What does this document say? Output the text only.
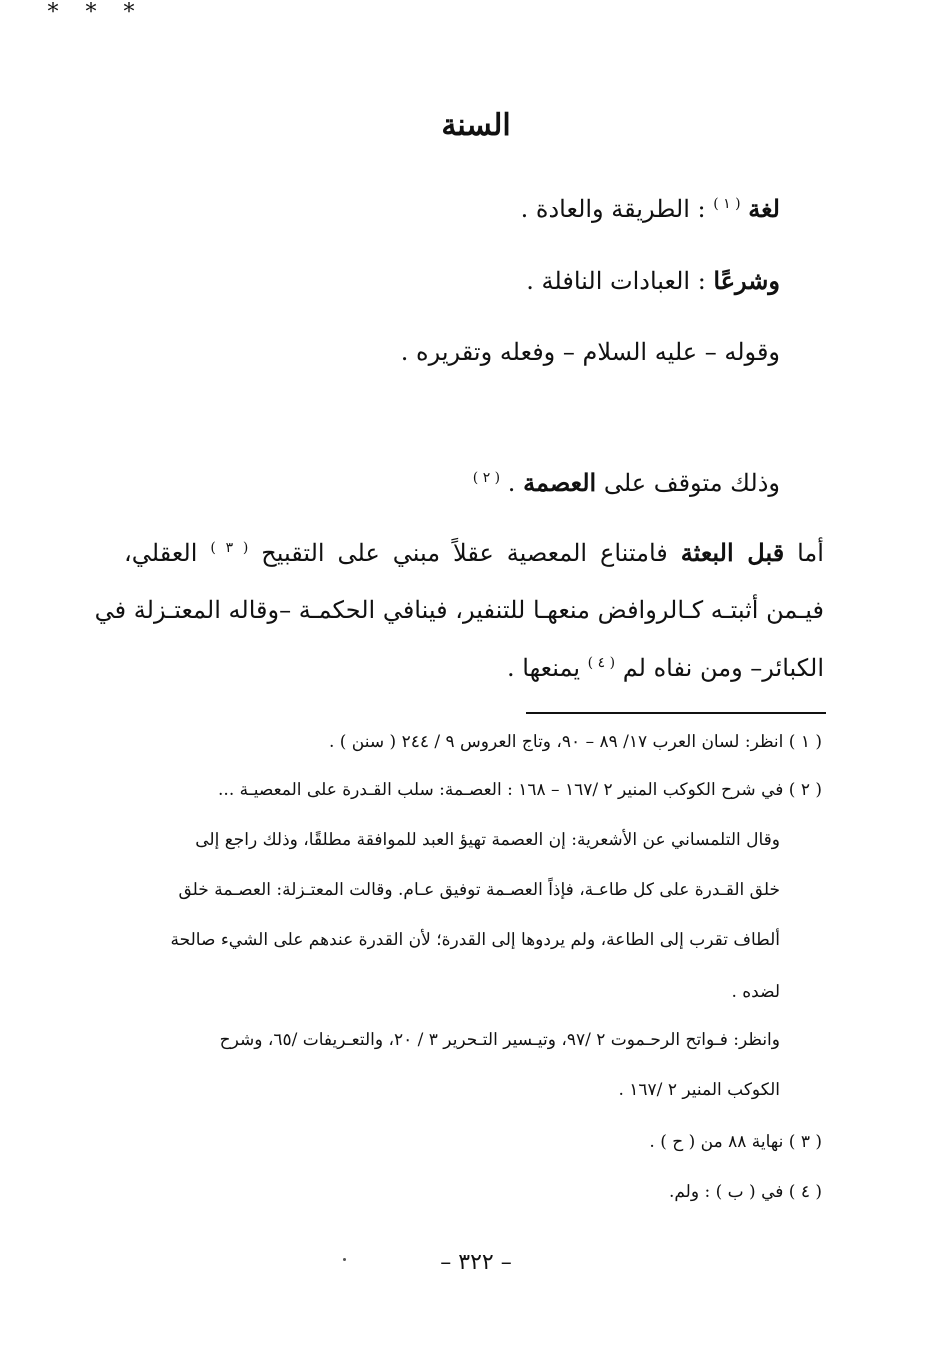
السنة
لغة $^{( ١ )}$ : الطريقة والعادة .
وشرعًا : العبادات النافلة .
وقوله – عليه السلام – وفعله وتقريره .
* * *
وذلك متوقف على العصمة . $^{( ٢ )}$
أما قبل البعثة فامتناع المعصية عقلاً مبني على التقبيح $^{( ٣ )}$ العقلي،
فيـمن أثبتـه كـالروافض منعهـا للتنفير، فينافي الحكمـة –وقاله المعتـزلة في
الكبائر– ومن نفاه لم $^{( ٤ )}$ يمنعها .
( ١ ) انظر: لسان العرب ١٧/ ٨٩ – ٩٠، وتاج العروس ٩ / ٢٤٤ ( سنن ) .
( ٢ ) في شرح الكوكب المنير ٢ /١٦٧ – ١٦٨ : العصـمة: سلب القـدرة على المعصيـة ...
وقال التلمساني عن الأشعرية: إن العصمة تهيؤ العبد للموافقة مطلقًا، وذلك راجع إلى
خلق القـدرة على كل طاعـة، فإذاً العصـمة توفيق عـام. وقالت المعتـزلة: العصـمة خلق
ألطاف تقرب إلى الطاعة، ولم يردوها إلى القدرة؛ لأن القدرة عندهم على الشيء صالحة
لضده .
وانظر: فـواتح الرحـموت ٢ /٩٧، وتيـسير التـحرير ٣ / ٢٠، والتعـريفات /٦٥، وشرح
الكوكب المنير ٢ /١٦٧ .
( ٣ ) نهاية ٨٨ من ( ح ) .
( ٤ ) في ( ب ) : ولم.
– ٣٢٢ –
